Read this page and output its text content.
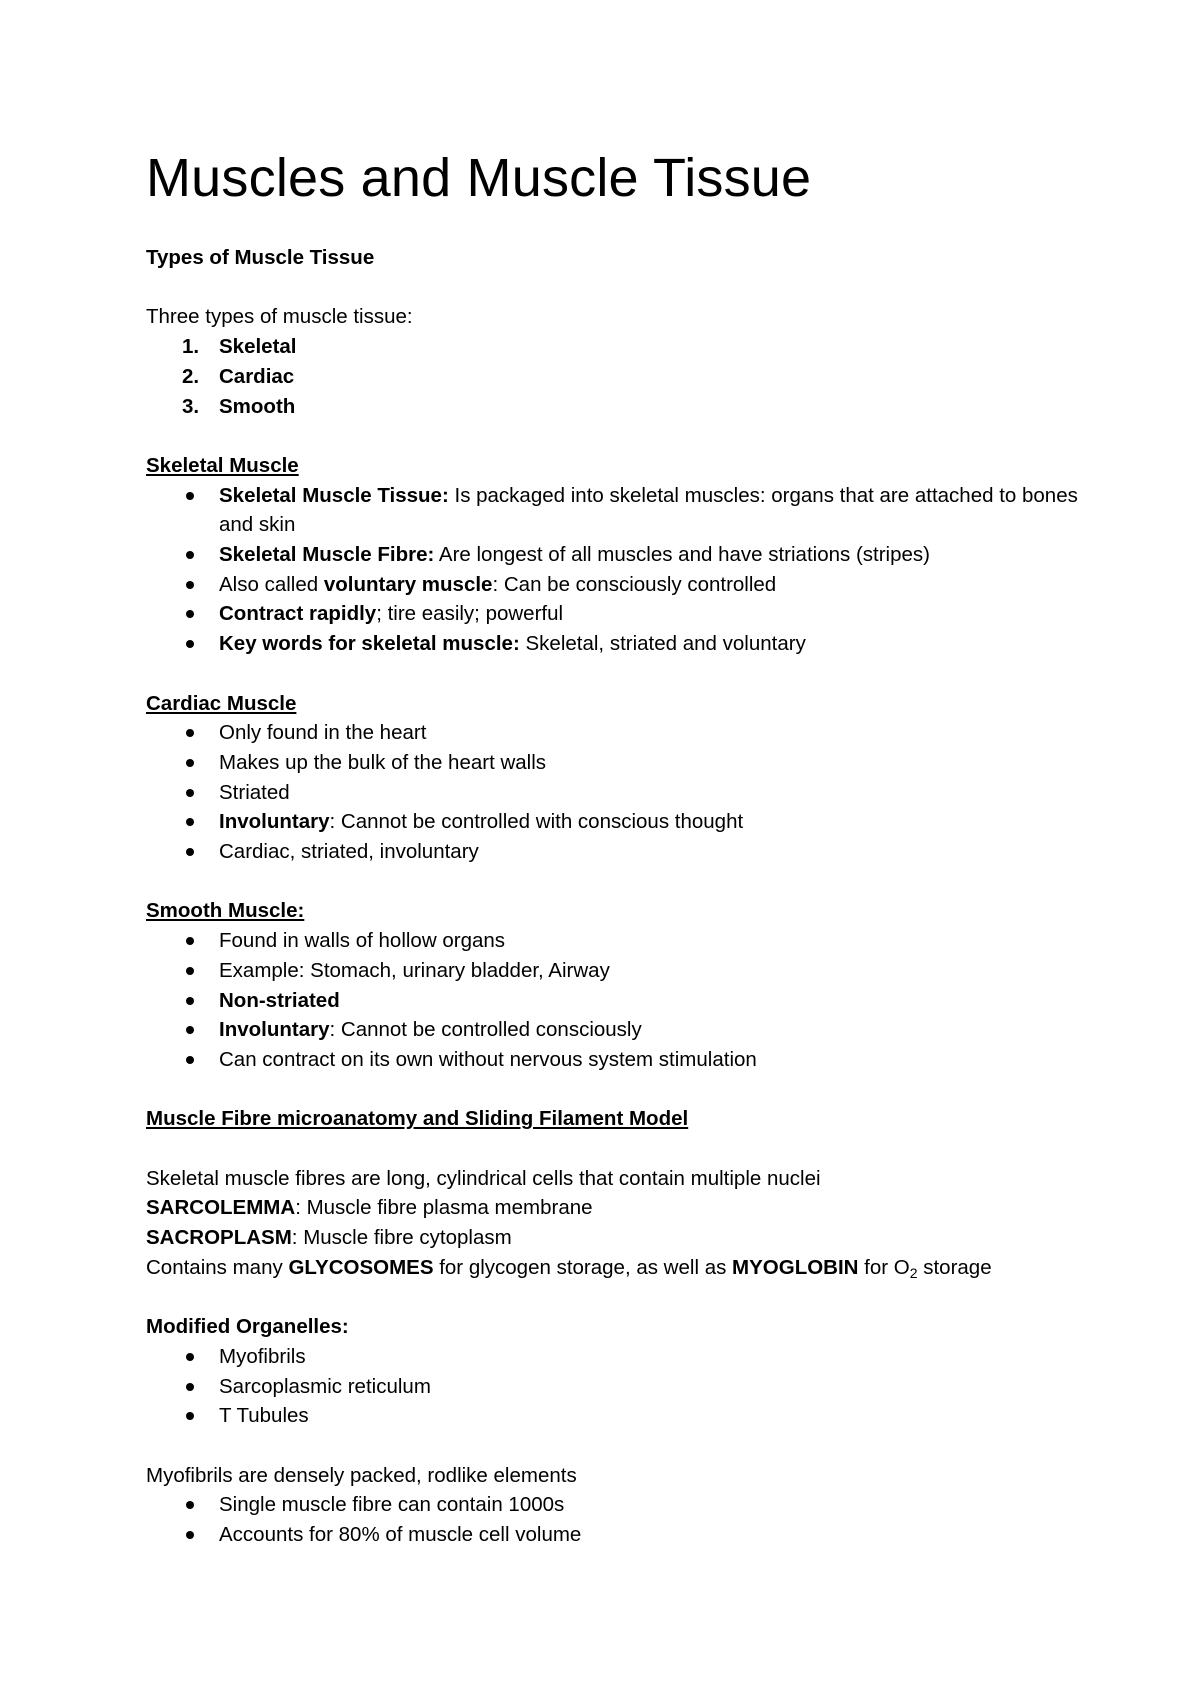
Muscles and Muscle Tissue

Types of Muscle Tissue

Three types of muscle tissue:

1. Skeletal
2. Cardiac
3. Smooth

Skeletal Muscle

Skeletal Muscle Tissue: Is packaged into skeletal muscles: organs that are attached to bones and skin
Skeletal Muscle Fibre: Are longest of all muscles and have striations (stripes)
Also called voluntary muscle: Can be consciously controlled
Contract rapidly; tire easily; powerful
Key words for skeletal muscle: Skeletal, striated and voluntary

Cardiac Muscle

Only found in the heart
Makes up the bulk of the heart walls
Striated
Involuntary: Cannot be controlled with conscious thought
Cardiac, striated, involuntary

Smooth Muscle:

Found in walls of hollow organs
Example: Stomach, urinary bladder, Airway
Non-striated
Involuntary: Cannot be controlled consciously
Can contract on its own without nervous system stimulation

Muscle Fibre microanatomy and Sliding Filament Model

Skeletal muscle fibres are long, cylindrical cells that contain multiple nuclei

SARCOLEMMA: Muscle fibre plasma membrane

SACROPLASM: Muscle fibre cytoplasm

Contains many GLYCOSOMES for glycogen storage, as well as MYOGLOBIN for $O_2$ storage

Modified Organelles:

Myofibrils
Sarcoplasmic reticulum
T Tubules

Myofibrils are densely packed, rodlike elements

Single muscle fibre can contain 1000s
Accounts for 80% of muscle cell volume
